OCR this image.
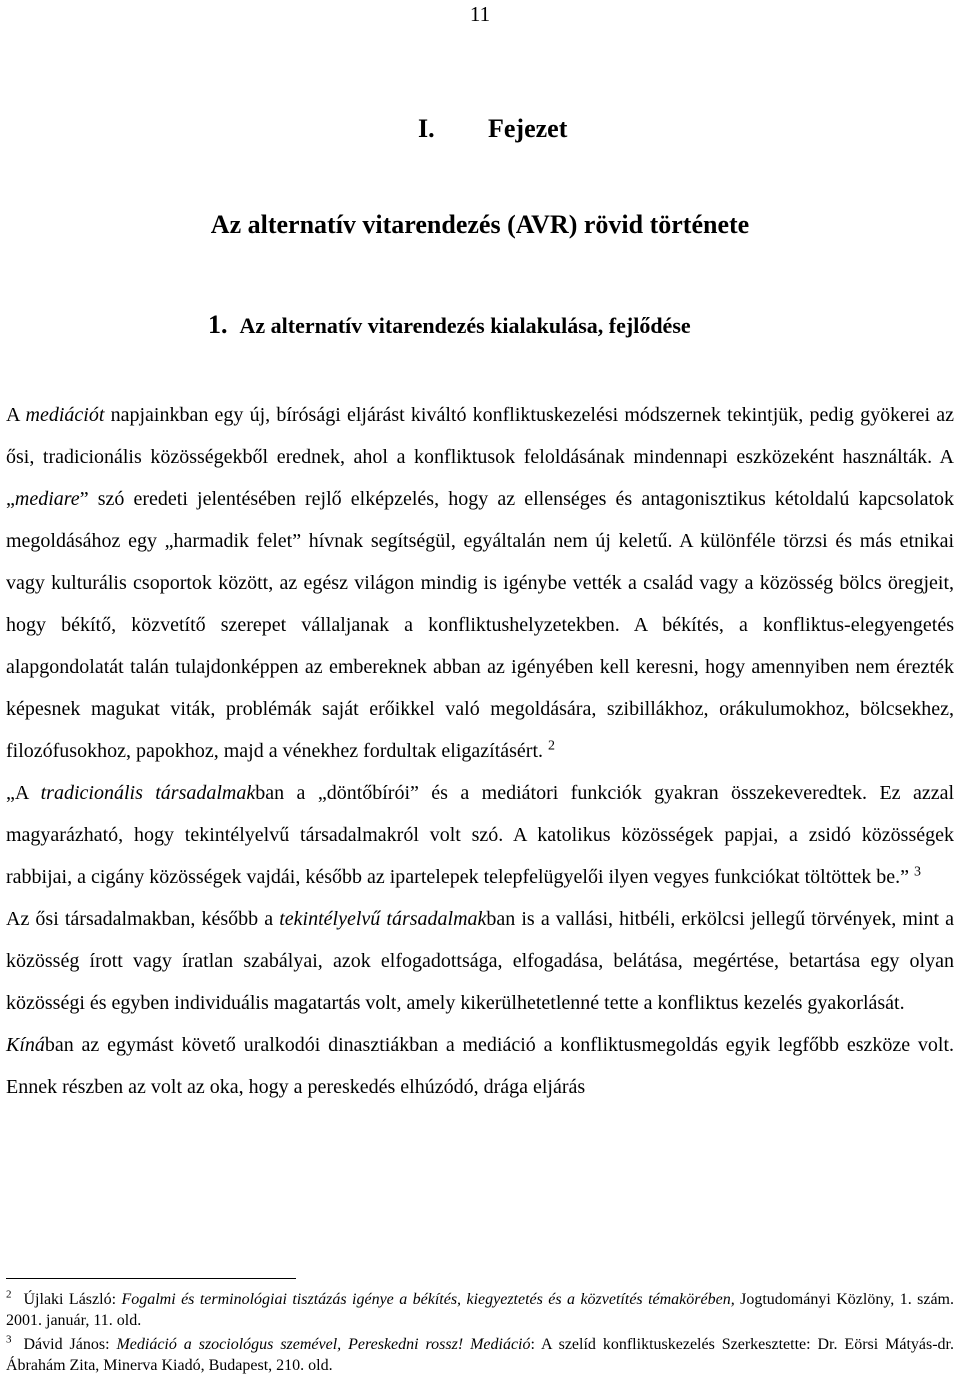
11
I. Fejezet
Az alternatív vitarendezés (AVR) rövid története
1. Az alternatív vitarendezés kialakulása, fejlődése

A mediációt napjainkban egy új, bírósági eljárást kiváltó konfliktuskezelési módszernek tekintjük, pedig gyökerei az ősi, tradicionális közösségekből erednek, ahol a konfliktusok feloldásának mindennapi eszközeként használták. A „mediare” szó eredeti jelentésében rejlő elképzelés, hogy az ellenséges és antagonisztikus kétoldalú kapcsolatok megoldásához egy „harmadik felet” hívnak segítségül, egyáltalán nem új keletű. A különféle törzsi és más etnikai vagy kulturális csoportok között, az egész világon mindig is igénybe vették a család vagy a közösség bölcs öregjeit, hogy békítő, közvetítő szerepet vállaljanak a konfliktushelyzetekben. A békítés, a konfliktus-elegyengetés alapgondolatát talán tulajdonképpen az embereknek abban az igényében kell keresni, hogy amennyiben nem érezték képesnek magukat viták, problémák saját erőikkel való megoldására, szibillákhoz, orákulumokhoz, bölcsekhez, filozófusokhoz, papokhoz, majd a vénekhez fordultak eligazításért. $^2$

„A tradicionális társadalmakban a „döntőbírói” és a mediátori funkciók gyakran összekeveredtek. Ez azzal magyarázható, hogy tekintélyelvű társadalmakról volt szó. A katolikus közösségek papjai, a zsidó közösségek rabbijai, a cigány közösségek vajdái, később az ipartelepek telepfelügyelői ilyen vegyes funkciókat töltöttek be.” $^3$

Az ősi társadalmakban, később a tekintélyelvű társadalmakban is a vallási, hitbéli, erkölcsi jellegű törvények, mint a közösség írott vagy íratlan szabályai, azok elfogadottsága, elfogadása, belátása, megértése, betartása egy olyan közösségi és egyben individuális magatartás volt, amely kikerülhetetlenné tette a konfliktus kezelés gyakorlását.

Kínában az egymást követő uralkodói dinasztiákban a mediáció a konfliktusmegoldás egyik legfőbb eszköze volt. Ennek részben az volt az oka, hogy a pereskedés elhúzódó, drága eljárás

$^2$ Újlaki László: Fogalmi és terminológiai tisztázás igénye a békítés, kiegyeztetés és a közvetítés témakörében, Jogtudományi Közlöny, 1. szám. 2001. január, 11. old.

$^3$ Dávid János: Mediáció a szociológus szemével, Pereskedni rossz! Mediáció: A szelíd konfliktuskezelés Szerkesztette: Dr. Eörsi Mátyás-dr. Ábrahám Zita, Minerva Kiadó, Budapest, 210. old.
